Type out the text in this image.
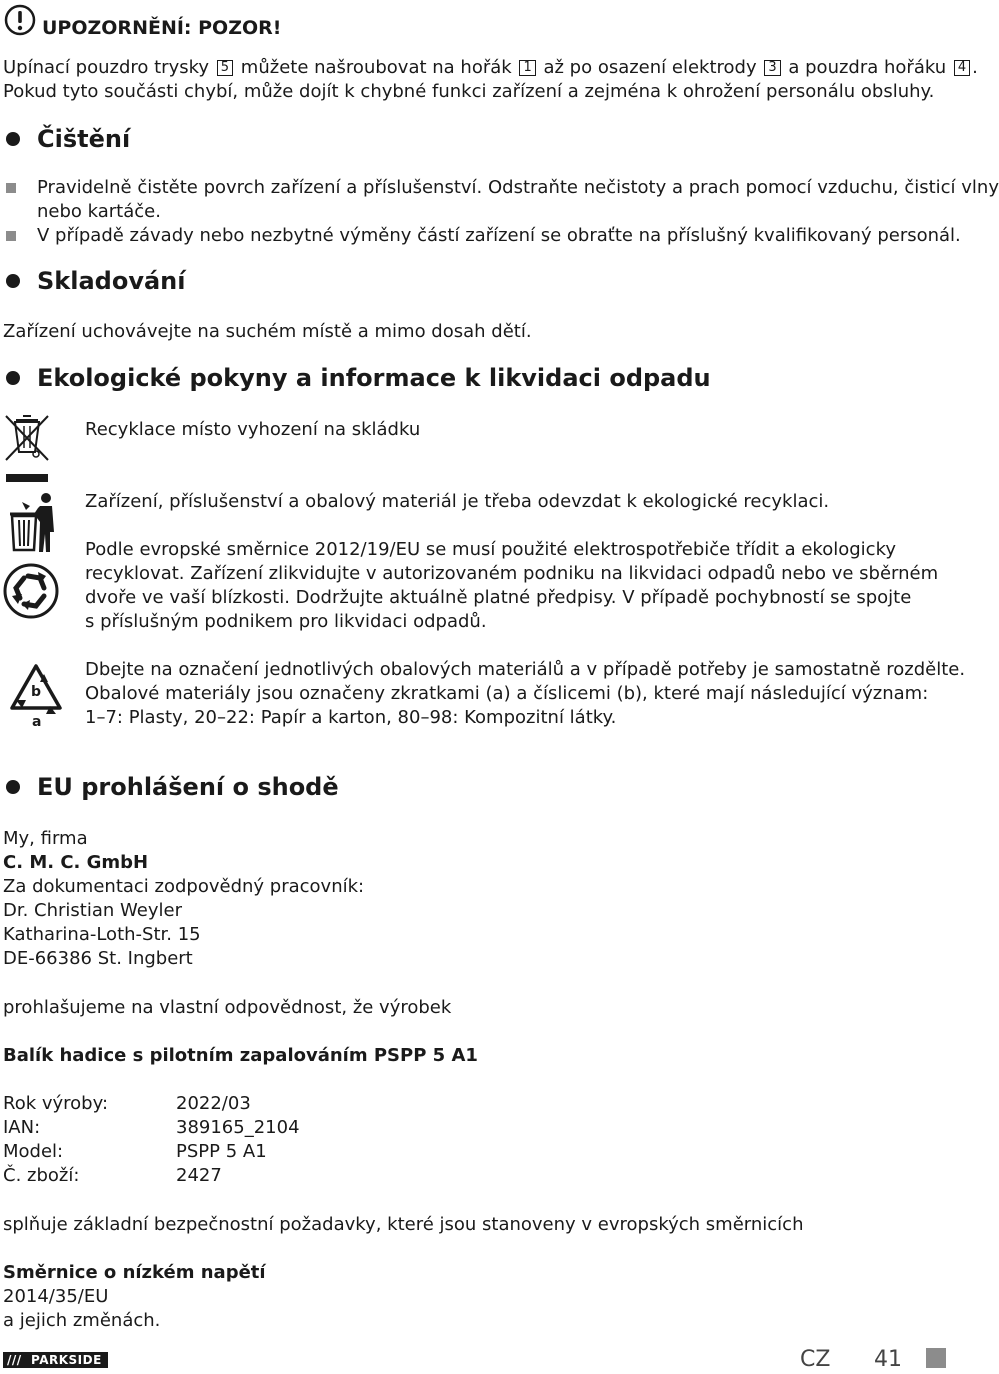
UPOZORNĚNÍ: POZOR!
Upínací pouzdro trysky 5 můžete našroubovat na hořák 1 až po osazení elektrody 3 a pouzdra hořáku 4 .
Pokud tyto součásti chybí, může dojít k chybné funkci zařízení a zejména k ohrožení personálu obsluhy.
Čištění
Pravidelně čistěte povrch zařízení a příslušenství. Odstraňte nečistoty a prach pomocí vzduchu, čisticí vlny
nebo kartáče.
V případě závady nebo nezbytné výměny částí zařízení se obraťte na příslušný kvalifikovaný personál.
Skladování
Zařízení uchovávejte na suchém místě a mimo dosah dětí.
Ekologické pokyny a informace k likvidaci odpadu
Recyklace místo vyhození na skládku
Zařízení, příslušenství a obalový materiál je třeba odevzdat k ekologické recyklaci.
Podle evropské směrnice 2012/19/EU se musí použité elektrospotřebiče třídit a ekologicky
recyklovat. Zařízení zlikvidujte v autorizovaném podniku na likvidaci odpadů nebo ve sběrném
dvoře ve vaší blízkosti. Dodržujte aktuálně platné předpisy. V případě pochybností se spojte
s příslušným podnikem pro likvidaci odpadů.
b
a
Dbejte na označení jednotlivých obalových materiálů a v případě potřeby je samostatně rozdělte.
Obalové materiály jsou označeny zkratkami (a) a číslicemi (b), které mají následující význam:
1–7: Plasty, 20–22: Papír a karton, 80–98: Kompozitní látky.
EU prohlášení o shodě
My, firma
C. M. C. GmbH
Za dokumentaci zodpovědný pracovník:
Dr. Christian Weyler
Katharina-Loth-Str. 15
DE-66386 St. Ingbert
prohlašujeme na vlastní odpovědnost, že výrobek
Balík hadice s pilotním zapalováním PSPP 5 A1
Rok výroby:	2022/03
IAN:	389165_2104
Model:	PSPP 5 A1
Č. zboží:	2427
splňuje základní bezpečnostní požadavky, které jsou stanoveny v evropských směrnicích
Směrnice o nízkém napětí
2014/35/EU
a jejich změnách.
/// PARKSIDE	CZ 41
